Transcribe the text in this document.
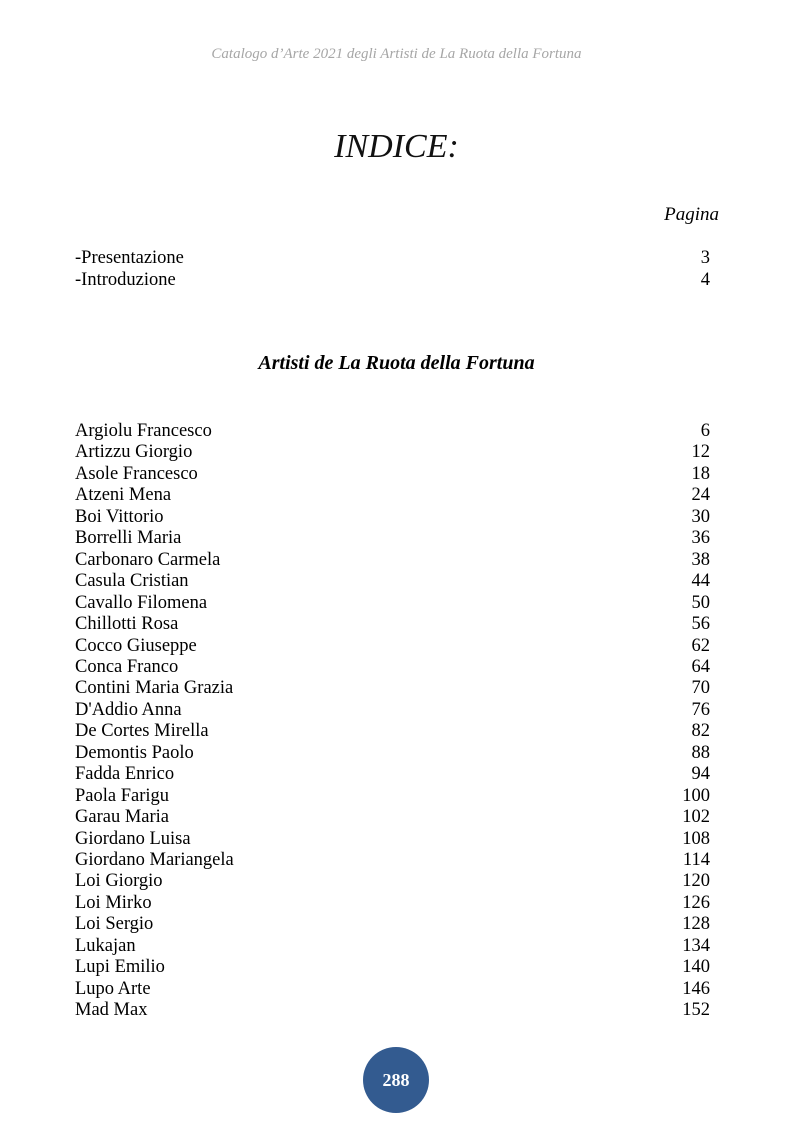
Catalogo d’Arte 2021 degli Artisti de La Ruota della Fortuna
INDICE:
Pagina
-Presentazione	3
-Introduzione	4
Artisti de La Ruota della Fortuna
Argiolu Francesco	6
Artizzu Giorgio	12
Asole Francesco	18
Atzeni Mena	24
Boi Vittorio	30
Borrelli Maria	36
Carbonaro Carmela	38
Casula Cristian	44
Cavallo Filomena	50
Chillotti Rosa	56
Cocco Giuseppe	62
Conca Franco	64
Contini Maria Grazia	70
D'Addio Anna	76
De Cortes Mirella	82
Demontis Paolo	88
Fadda Enrico	94
Paola Farigu	100
Garau Maria	102
Giordano Luisa	108
Giordano Mariangela	114
Loi Giorgio	120
Loi Mirko	126
Loi Sergio	128
Lukajan	134
Lupi Emilio	140
Lupo Arte	146
Mad Max	152
288
